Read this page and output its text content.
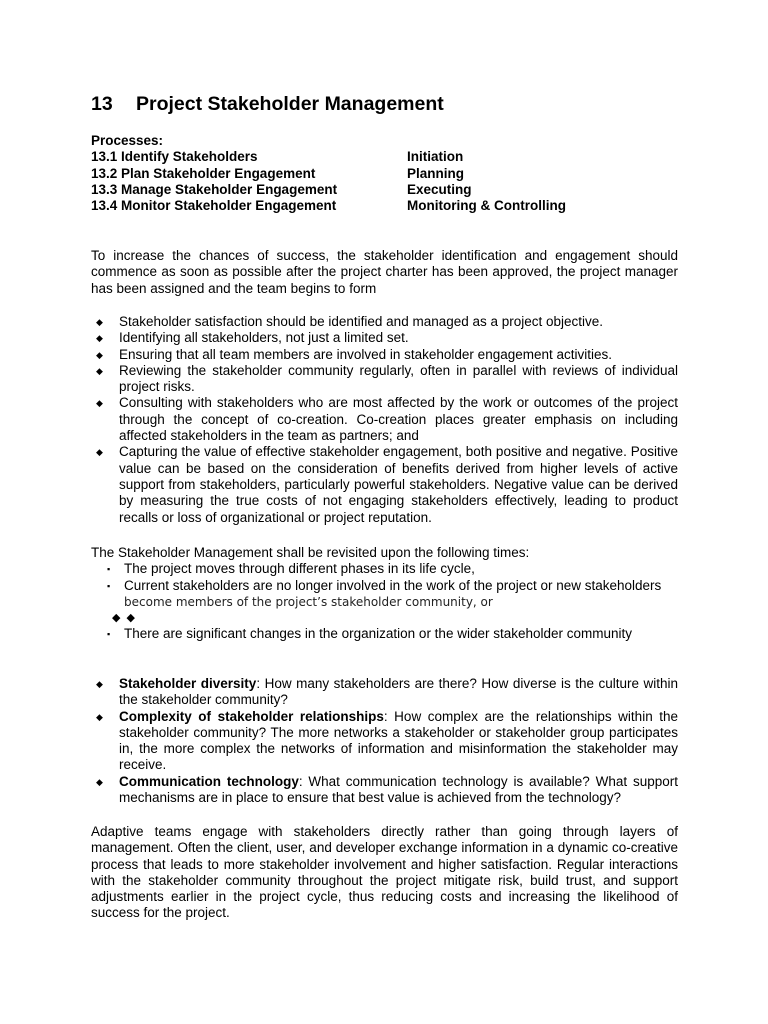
13 Project Stakeholder Management
Processes:
13.1 Identify Stakeholders	Initiation
13.2 Plan Stakeholder Engagement	Planning
13.3 Manage Stakeholder Engagement	Executing
13.4 Monitor Stakeholder Engagement	Monitoring & Controlling
To increase the chances of success, the stakeholder identification and engagement should commence as soon as possible after the project charter has been approved, the project manager has been assigned and the team begins to form
◆ Stakeholder satisfaction should be identified and managed as a project objective.
◆ Identifying all stakeholders, not just a limited set.
◆ Ensuring that all team members are involved in stakeholder engagement activities.
◆ Reviewing the stakeholder community regularly, often in parallel with reviews of individual project risks.
◆ Consulting with stakeholders who are most affected by the work or outcomes of the project through the concept of co-creation. Co-creation places greater emphasis on including affected stakeholders in the team as partners; and
◆ Capturing the value of effective stakeholder engagement, both positive and negative. Positive value can be based on the consideration of benefits derived from higher levels of active support from stakeholders, particularly powerful stakeholders. Negative value can be derived by measuring the true costs of not engaging stakeholders effectively, leading to product recalls or loss of organizational or project reputation.
The Stakeholder Management shall be revisited upon the following times:
▪ The project moves through different phases in its life cycle,
▪ Current stakeholders are no longer involved in the work of the project or new stakeholders
become members of the project’s stakeholder community, or
◆◆
▪ There are significant changes in the organization or the wider stakeholder community
◆ Stakeholder diversity: How many stakeholders are there? How diverse is the culture within the stakeholder community?
◆ Complexity of stakeholder relationships: How complex are the relationships within the stakeholder community? The more networks a stakeholder or stakeholder group participates in, the more complex the networks of information and misinformation the stakeholder may receive.
◆ Communication technology: What communication technology is available? What support mechanisms are in place to ensure that best value is achieved from the technology?
Adaptive teams engage with stakeholders directly rather than going through layers of management. Often the client, user, and developer exchange information in a dynamic co-creative process that leads to more stakeholder involvement and higher satisfaction. Regular interactions with the stakeholder community throughout the project mitigate risk, build trust, and support adjustments earlier in the project cycle, thus reducing costs and increasing the likelihood of success for the project.
